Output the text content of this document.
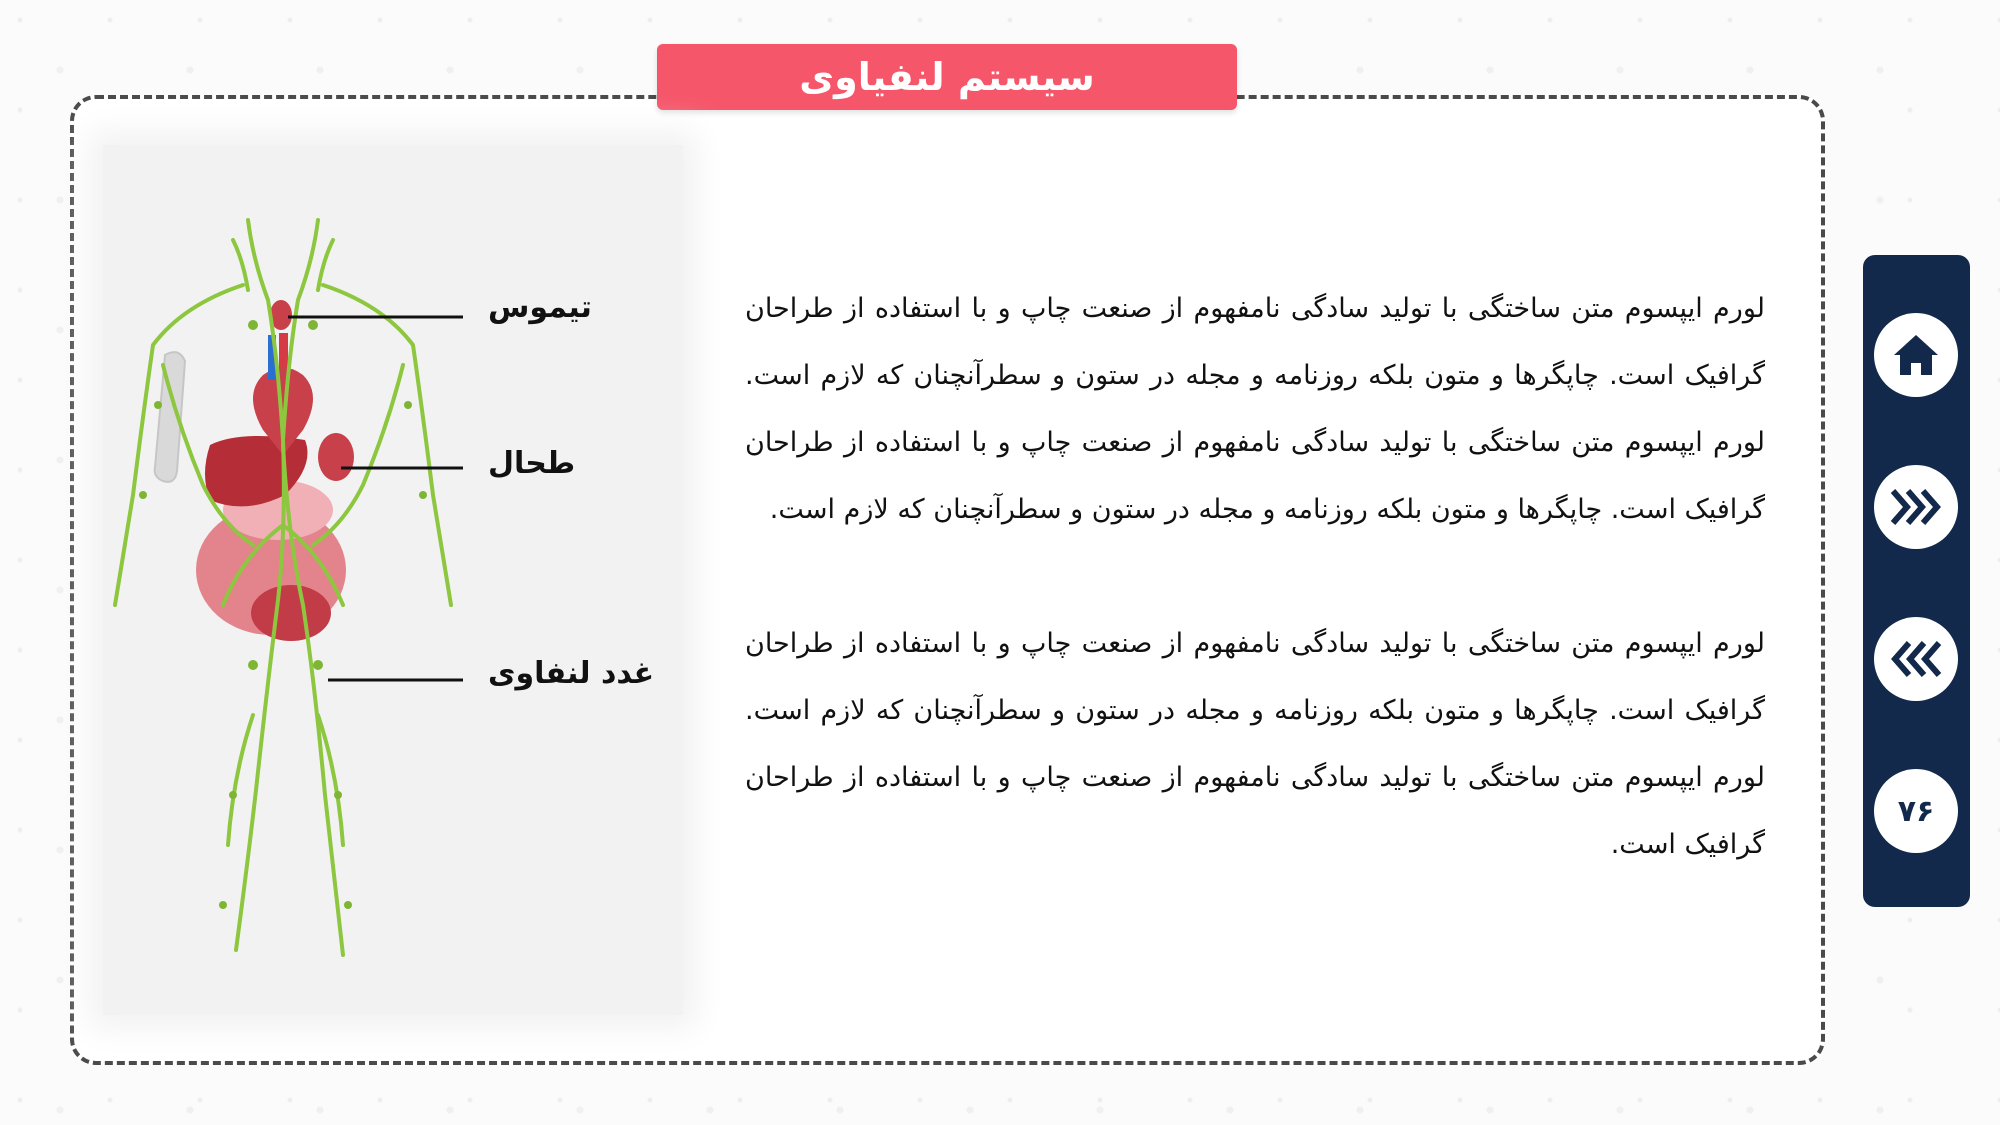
سیستم لنفیاوی
تیموس
طحال
غدد لنفاوی

لورم ایپسوم متن ساختگی با تولید سادگی نامفهوم از صنعت چاپ و با استفاده از طراحان گرافیک است. چاپگرها و متون بلکه روزنامه و مجله در ستون و سطرآنچنان که لازم است. لورم ایپسوم متن ساختگی با تولید سادگی نامفهوم از صنعت چاپ و با استفاده از طراحان گرافیک است. چاپگرها و متون بلکه روزنامه و مجله در ستون و سطرآنچنان که لازم است.

لورم ایپسوم متن ساختگی با تولید سادگی نامفهوم از صنعت چاپ و با استفاده از طراحان گرافیک است. چاپگرها و متون بلکه روزنامه و مجله در ستون و سطرآنچنان که لازم است. لورم ایپسوم متن ساختگی با تولید سادگی نامفهوم از صنعت چاپ و با استفاده از طراحان گرافیک است.

۷۶
